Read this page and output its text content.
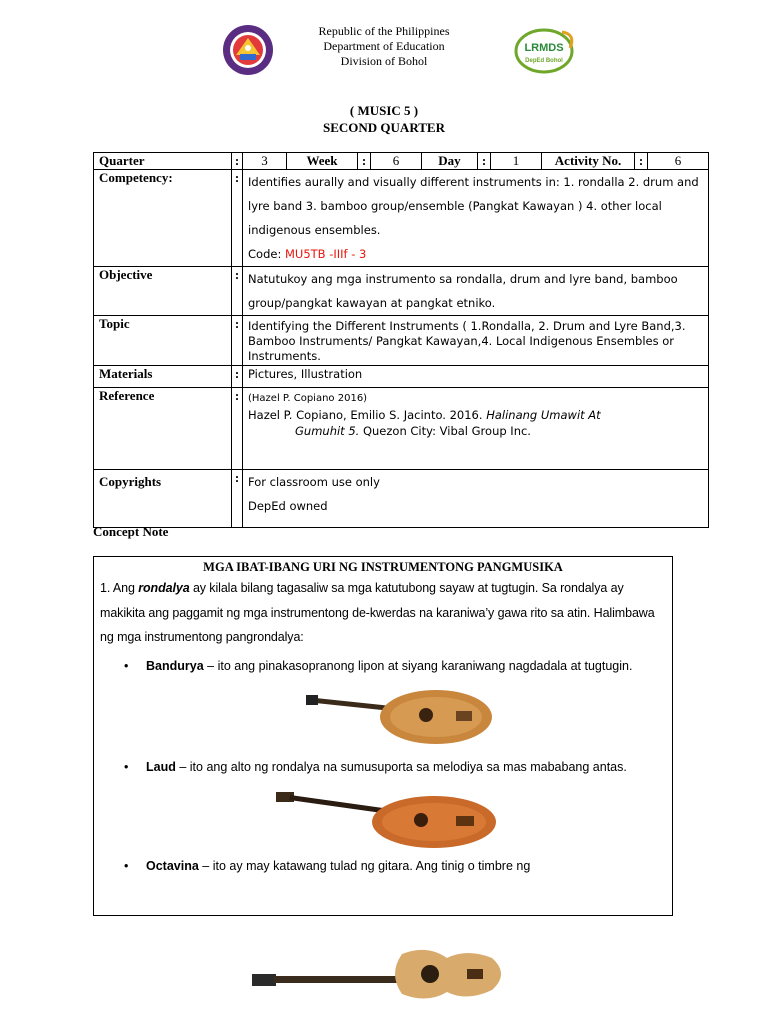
LRMDS
DepEd Bohol
Republic of the Philippines
Department of Education
Division of Bohol
( MUSIC 5 )
SECOND QUARTER
Quarter	:	3	Week	:	6	Day	:	1	Activity No.	:	6

Competency:	:	Identifies aurally and visually different instruments in: 1. rondalla 2. drum and lyre band 3. bamboo group/ensemble (Pangkat Kawayan ) 4. other local indigenous ensembles.
Code: MU5TB -IIIf - 3
Objective	:	Natutukoy ang mga instrumento sa rondalla, drum and lyre band, bamboo group/pangkat kawayan at pangkat etniko.
Topic	:	Identifying the Different Instruments ( 1.Rondalla, 2. Drum and Lyre Band,3. Bamboo Instruments/ Pangkat Kawayan,4. Local Indigenous Ensembles or Instruments.
Materials	:	Pictures, Illustration
Reference	:	(Hazel P. Copiano 2016)
Hazel P. Copiano, Emilio S. Jacinto. 2016. Halinang Umawit At
Gumuhit 5. Quezon City: Vibal Group Inc.

Copyrights	:	For classroom use only
DepEd owned
Concept Note
MGA IBAT-IBANG URI NG INSTRUMENTONG PANGMUSIKA

1. Ang rondalya ay kilala bilang tagasaliw sa mga katutubong sayaw at tugtugin. Sa rondalya ay makikita ang paggamit ng mga instrumentong de-kwerdas na karaniwa’y gawa rito sa atin. Halimbawa ng mga instrumentong pangrondalya:

• Bandurya – ito ang pinakasopranong lipon at siyang karaniwang nagdadala at tugtugin.
• Laud – ito ang alto ng rondalya na sumusuporta sa melodiya sa mas mababang antas.
• Octavina – ito ay may katawang tulad ng gitara. Ang tinig o timbre ng
